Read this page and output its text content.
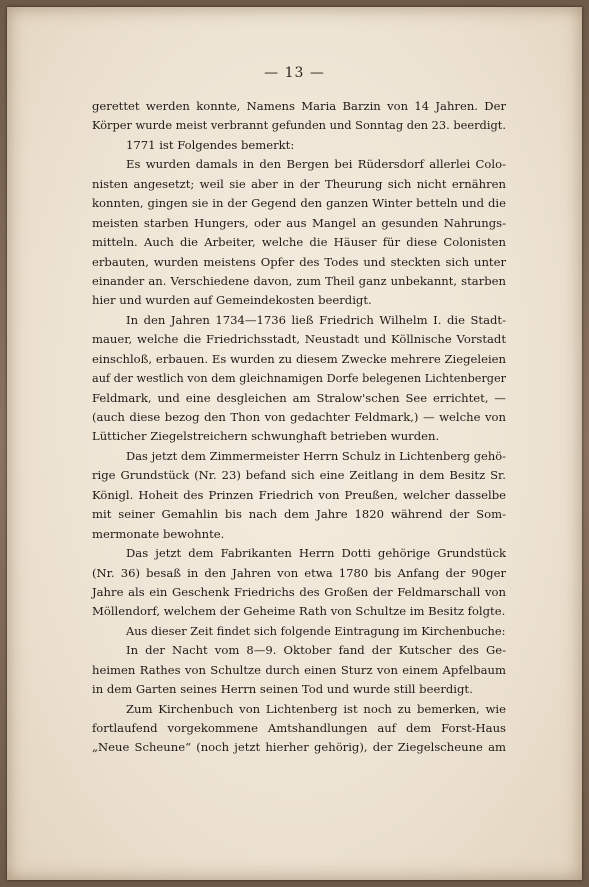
— 13 —
gerettet werden konnte, Namens Maria Barzin von 14 Jahren. Der
Körper wurde meist verbrannt gefunden und Sonntag den 23. beerdigt.
1771 ist Folgendes bemerkt:
Es wurden damals in den Bergen bei Rüdersdorf allerlei Colo-
nisten angesetzt; weil sie aber in der Theurung sich nicht ernähren
konnten, gingen sie in der Gegend den ganzen Winter betteln und die
meisten starben Hungers, oder aus Mangel an gesunden Nahrungs-
mitteln. Auch die Arbeiter, welche die Häuser für diese Colonisten
erbauten, wurden meistens Opfer des Todes und steckten sich unter
einander an. Verschiedene davon, zum Theil ganz unbekannt, starben
hier und wurden auf Gemeindekosten beerdigt.
In den Jahren 1734—1736 ließ Friedrich Wilhelm I. die Stadt-
mauer, welche die Friedrichsstadt, Neustadt und Köllnische Vorstadt
einschloß, erbauen. Es wurden zu diesem Zwecke mehrere Ziegeleien
auf der westlich von dem gleichnamigen Dorfe belegenen Lichtenberger
Feldmark, und eine desgleichen am Stralow'schen See errichtet, —
(auch diese bezog den Thon von gedachter Feldmark,) — welche von
Lütticher Ziegelstreichern schwunghaft betrieben wurden.
Das jetzt dem Zimmermeister Herrn Schulz in Lichtenberg gehö-
rige Grundstück (Nr. 23) befand sich eine Zeitlang in dem Besitz Sr.
Königl. Hoheit des Prinzen Friedrich von Preußen, welcher dasselbe
mit seiner Gemahlin bis nach dem Jahre 1820 während der Som-
mermonate bewohnte.
Das jetzt dem Fabrikanten Herrn Dotti gehörige Grundstück
(Nr. 36) besaß in den Jahren von etwa 1780 bis Anfang der 90ger
Jahre als ein Geschenk Friedrichs des Großen der Feldmarschall von
Möllendorf, welchem der Geheime Rath von Schultze im Besitz folgte.
Aus dieser Zeit findet sich folgende Eintragung im Kirchenbuche:
In der Nacht vom 8—9. Oktober fand der Kutscher des Ge-
heimen Rathes von Schultze durch einen Sturz von einem Apfelbaum
in dem Garten seines Herrn seinen Tod und wurde still beerdigt.
Zum Kirchenbuch von Lichtenberg ist noch zu bemerken, wie
fortlaufend vorgekommene Amtshandlungen auf dem Forst-Haus
„Neue Scheune“ (noch jetzt hierher gehörig), der Ziegelscheune am
